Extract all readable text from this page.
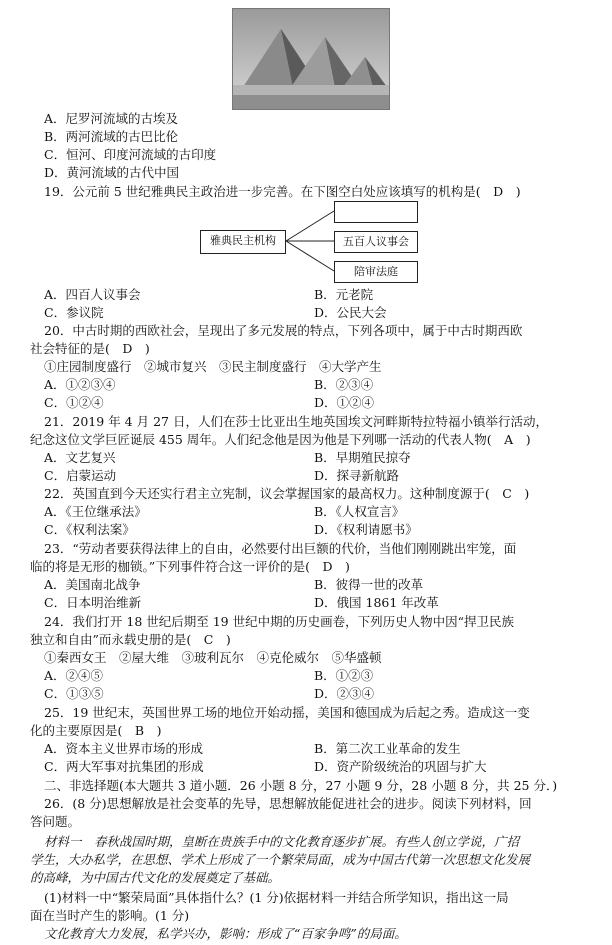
A．尼罗河流域的古埃及
B．两河流域的古巴比伦
C．恒河、印度河流域的古印度
D．黄河流域的古代中国
19．公元前 5 世纪雅典民主政治进一步完善。在下图空白处应该填写的机构是(　D　)
雅典民主机构	五百人议事会
陪审法庭
A．四百人议事会	B．元老院
C．参议院	D．公民大会
20．中古时期的西欧社会，呈现出了多元发展的特点，下列各项中，属于中古时期西欧
社会特征的是(　D　)
①庄园制度盛行　②城市复兴　③民主制度盛行　④大学产生
A．①②③④	B．②③④
C．①②④	D．①②④
21．2019 年 4 月 27 日，人们在莎士比亚出生地英国埃文河畔斯特拉特福小镇举行活动，
纪念这位文学巨匠诞辰 455 周年。人们纪念他是因为他是下列哪一活动的代表人物(　A　)
A．文艺复兴	B．早期殖民掠夺
C．启蒙运动	D．探寻新航路
22．英国直到今天还实行君主立宪制，议会掌握国家的最高权力。这种制度源于(　C　)
A．《王位继承法》	B．《人权宣言》
C．《权利法案》	D．《权利请愿书》
23．“劳动者要获得法律上的自由，必然要付出巨额的代价，当他们刚刚跳出牢笼，面
临的将是无形的枷锁。”下列事件符合这一评价的是(　D　)
A．美国南北战争	B．彼得一世的改革
C．日本明治维新	D．俄国 1861 年改革
24．我们打开 18 世纪后期至 19 世纪中期的历史画卷，下列历史人物中因“捍卫民族
独立和自由”而永载史册的是(　C　)
①秦西女王　②屋大维　③玻利瓦尔　④克伦威尔　⑤华盛顿
A．②④⑤	B．①②③
C．①③⑤	D．②③④
25．19 世纪末，英国世界工场的地位开始动摇，美国和德国成为后起之秀。造成这一变
化的主要原因是(　B　)
A．资本主义世界市场的形成	B．第二次工业革命的发生
C．两大军事对抗集团的形成	D．资产阶级统治的巩固与扩大
二、非选择题(本大题共 3 道小题．26 小题 8 分，27 小题 9 分，28 小题 8 分，共 25 分．)
26．(8 分)思想解放是社会变革的先导，思想解放能促进社会的进步。阅读下列材料，回
答问题。
材料一　春秋战国时期，皇断在贵族手中的文化教育逐步扩展。有些人创立学说，广招
学生，大办私学，在思想、学术上形成了一个繁荣局面，成为中国古代第一次思想文化发展
的高峰，为中国古代文化的发展奠定了基础。
(1)材料一中“繁荣局面”具体指什么？(1 分)依据材料一并结合所学知识，指出这一局
面在当时产生的影响。(1 分)
文化教育大力发展，私学兴办，影响：形成了“百家争鸣”的局面。
